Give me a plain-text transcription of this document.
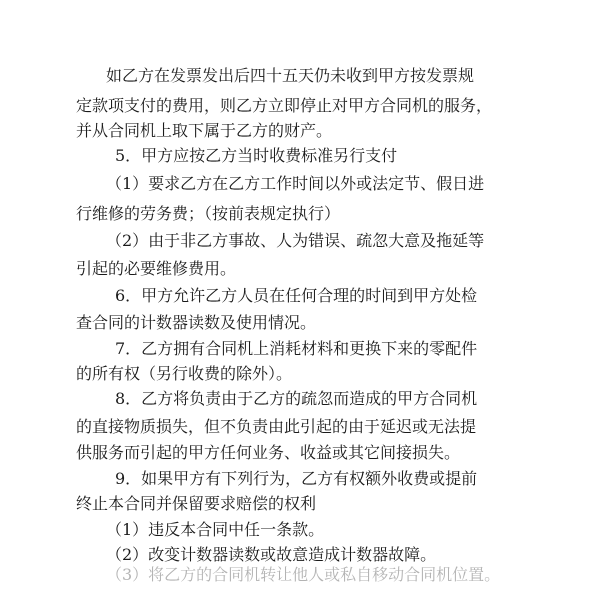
如乙方在发票发出后四十五天仍未收到甲方按发票规
定款项支付的费用，则乙方立即停止对甲方合同机的服务，
并从合同机上取下属于乙方的财产。
5．甲方应按乙方当时收费标准另行支付
（1）要求乙方在乙方工作时间以外或法定节、假日进
行维修的劳务费；（按前表规定执行）
（2）由于非乙方事故、人为错误、疏忽大意及拖延等
引起的必要维修费用。
6．甲方允许乙方人员在任何合理的时间到甲方处检
查合同的计数器读数及使用情况。
7．乙方拥有合同机上消耗材料和更换下来的零配件
的所有权（另行收费的除外）。
8．乙方将负责由于乙方的疏忽而造成的甲方合同机
的直接物质损失，但不负责由此引起的由于延迟或无法提
供服务而引起的甲方任何业务、收益或其它间接损失。
9．如果甲方有下列行为，乙方有权额外收费或提前
终止本合同并保留要求赔偿的权利
（1）违反本合同中任一条款。
（2）改变计数器读数或故意造成计数器故障。
（3）将乙方的合同机转让他人或私自移动合同机位置。
